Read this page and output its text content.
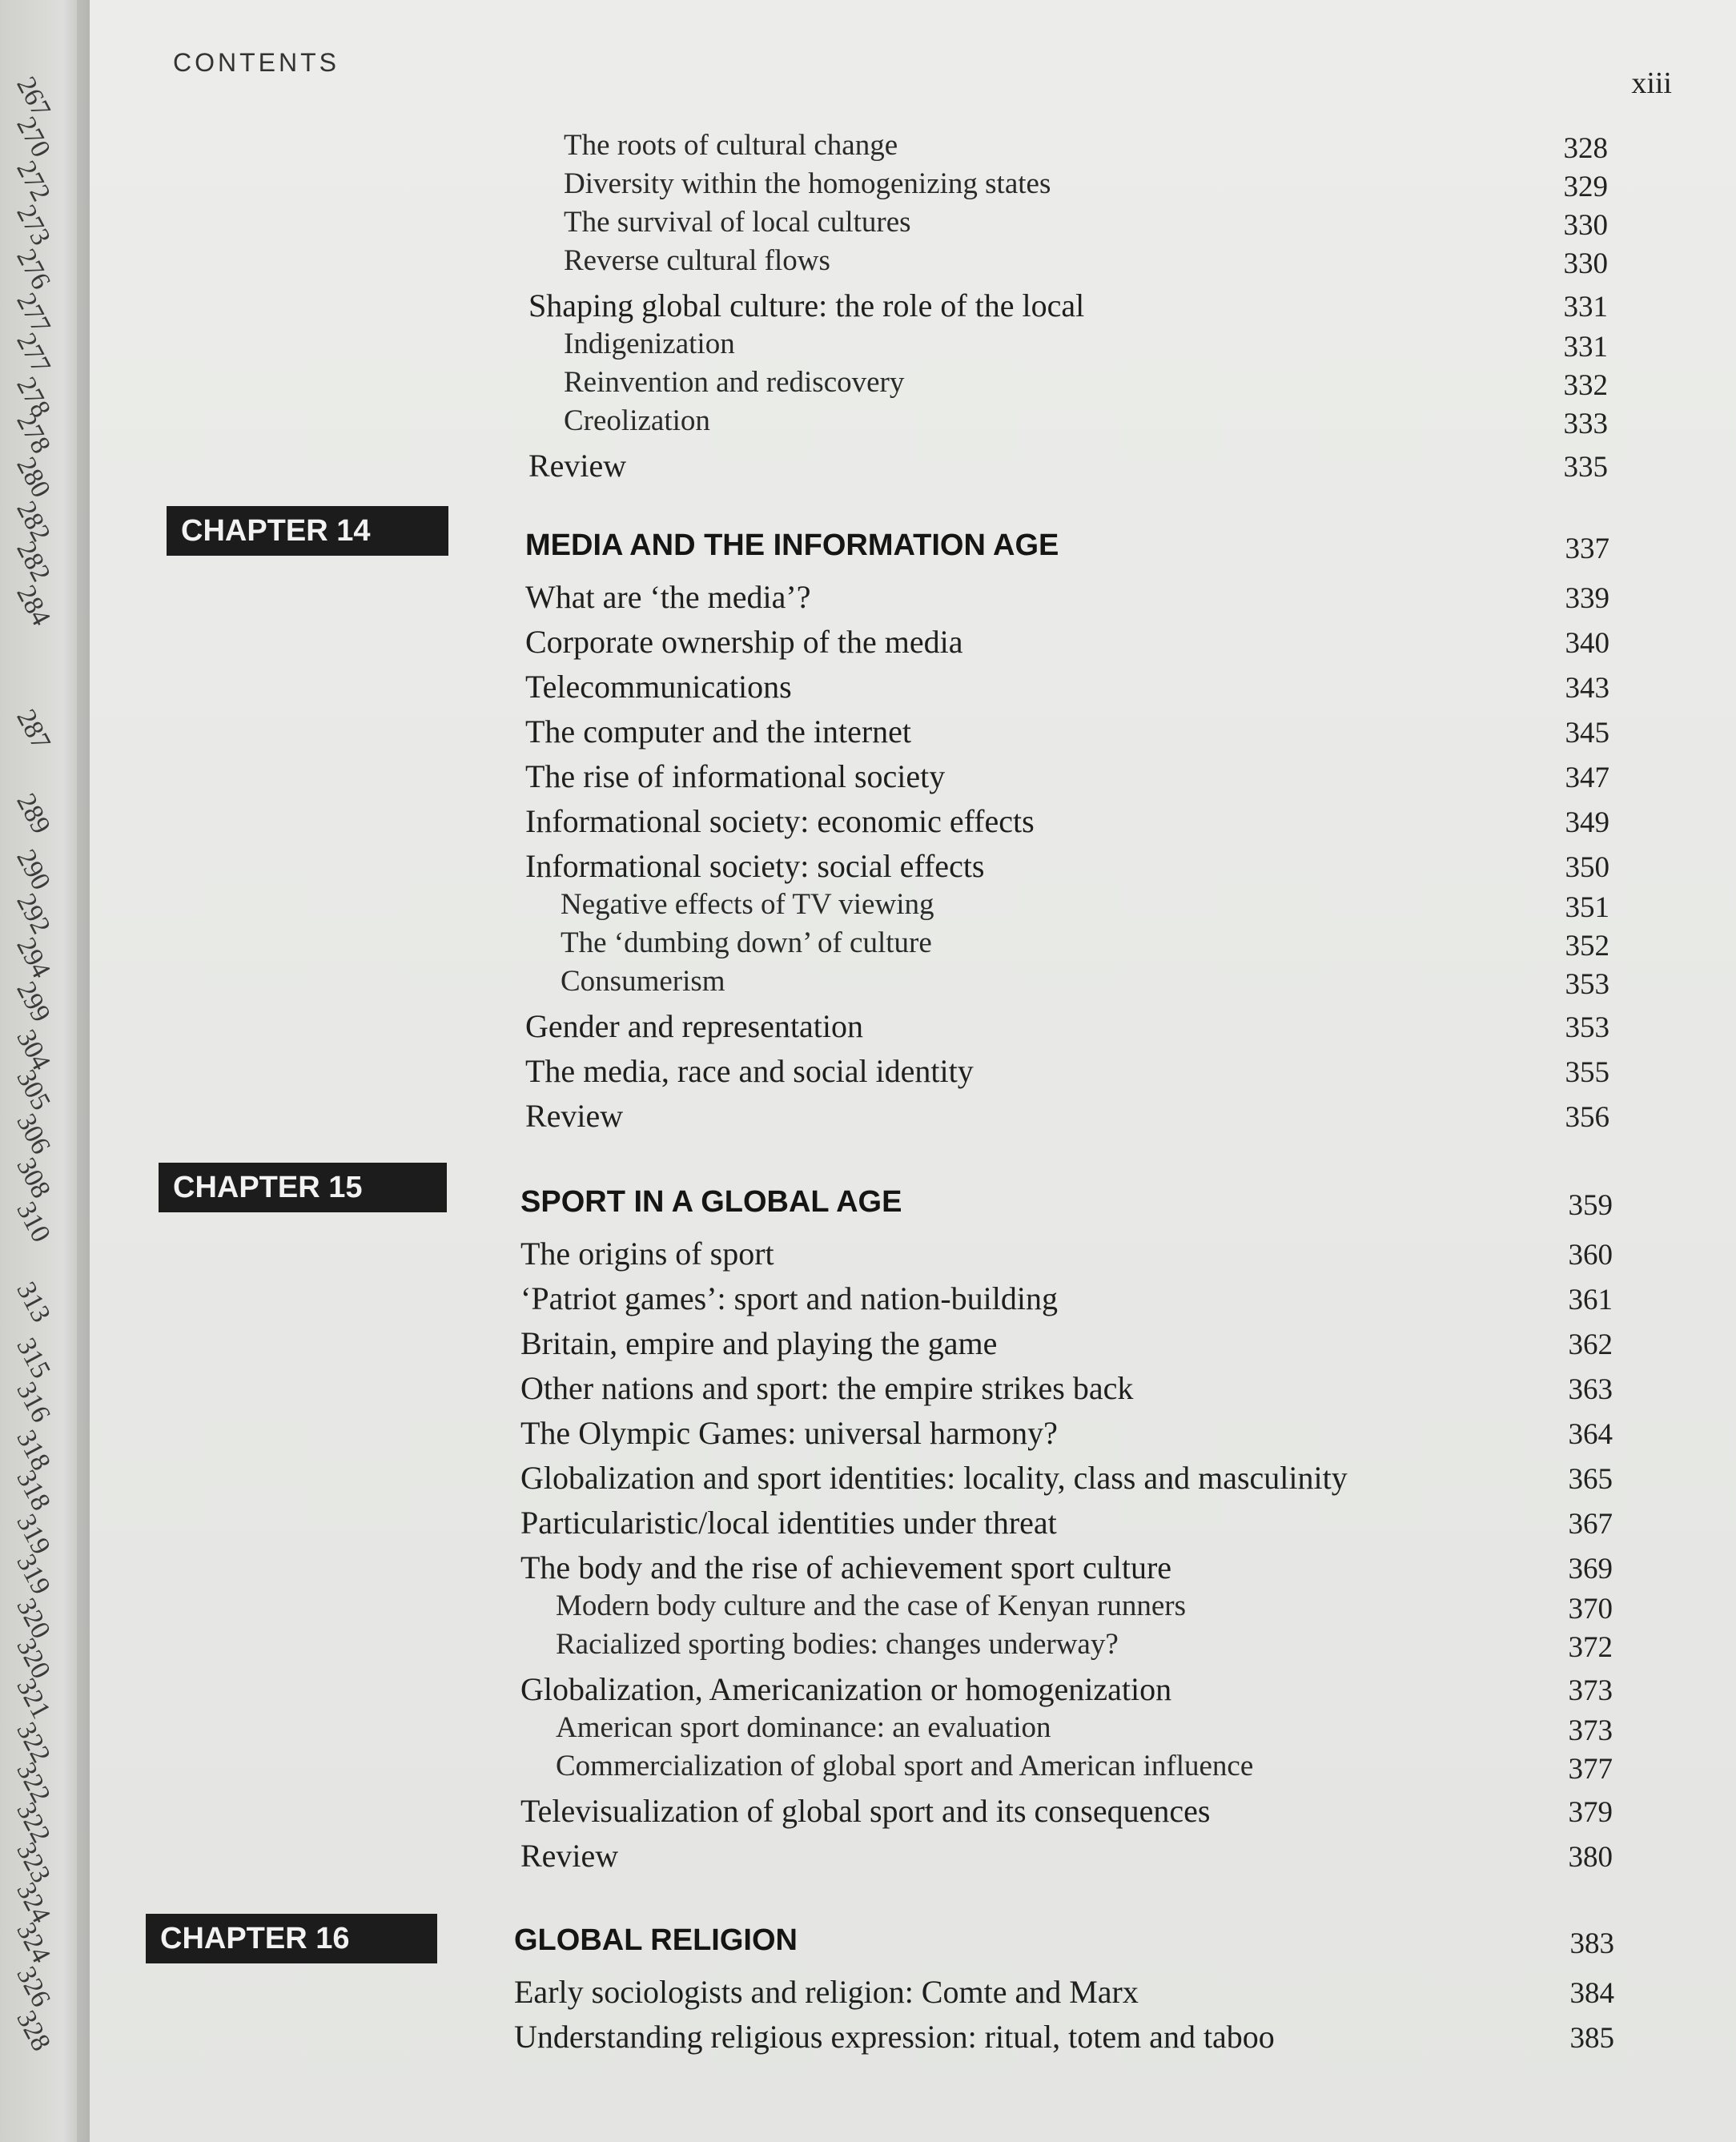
267
270
272
273
276
277
277
278
278
280
282
282
284
287
289
290
292
294
299
304
305
306
308
310
313
315
316
318
318
319
319
320
320
321
322
322
322
323
324
324
326
328
CONTENTS
xiii
The roots of cultural change	328
Diversity within the homogenizing states	329
The survival of local cultures	330
Reverse cultural flows	330
Shaping global culture: the role of the local	331
Indigenization	331
Reinvention and rediscovery	332
Creolization	333
Review	335
CHAPTER 14	MEDIA AND THE INFORMATION AGE	337
What are ‘the media’?	339
Corporate ownership of the media	340
Telecommunications	343
The computer and the internet	345
The rise of informational society	347
Informational society: economic effects	349
Informational society: social effects	350
Negative effects of TV viewing	351
The ‘dumbing down’ of culture	352
Consumerism	353
Gender and representation	353
The media, race and social identity	355
Review	356
CHAPTER 15	SPORT IN A GLOBAL AGE	359
The origins of sport	360
‘Patriot games’: sport and nation-building	361
Britain, empire and playing the game	362
Other nations and sport: the empire strikes back	363
The Olympic Games: universal harmony?	364
Globalization and sport identities: locality, class and masculinity	365
Particularistic/local identities under threat	367
The body and the rise of achievement sport culture	369
Modern body culture and the case of Kenyan runners	370
Racialized sporting bodies: changes underway?	372
Globalization, Americanization or homogenization	373
American sport dominance: an evaluation	373
Commercialization of global sport and American influence	377
Televisualization of global sport and its consequences	379
Review	380
CHAPTER 16	GLOBAL RELIGION	383
Early sociologists and religion: Comte and Marx	384
Understanding religious expression: ritual, totem and taboo	385
